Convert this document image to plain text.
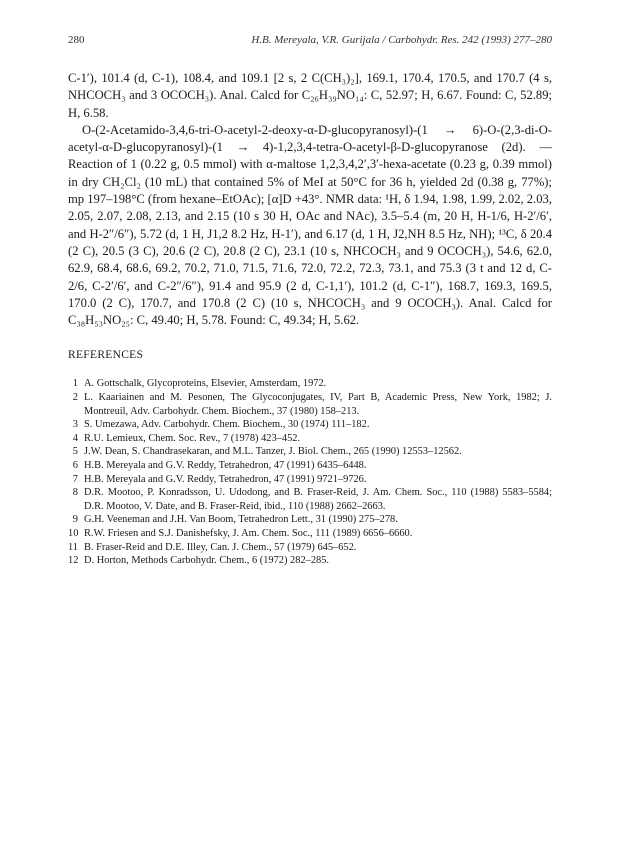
280	H.B. Mereyala, V.R. Gurijala / Carbohydr. Res. 242 (1993) 277–280

C-1′), 101.4 (d, C-1), 108.4, and 109.1 [2 s, 2 C(CH₃)₂], 169.1, 170.4, 170.5, and 170.7 (4 s, NHCOCH₃ and 3 OCOCH₃). Anal. Calcd for C₂₆H₃₉NO₁₄: C, 52.97; H, 6.67. Found: C, 52.89; H, 6.58.

O-(2-Acetamido-3,4,6-tri-O-acetyl-2-deoxy-α-D-glucopyranosyl)-(1 → 6)-O-(2,3-di-O-acetyl-α-D-glucopyranosyl)-(1 → 4)-1,2,3,4-tetra-O-acetyl-β-D-glucopyranose (2d). —Reaction of 1 (0.22 g, 0.5 mmol) with α-maltose 1,2,3,4,2′,3′-hexa-acetate (0.23 g, 0.39 mmol) in dry CH₂Cl₂ (10 mL) that contained 5% of MeI at 50°C for 36 h, yielded 2d (0.38 g, 77%); mp 197–198°C (from hexane–EtOAc); [α]D +43°. NMR data: ¹H, δ 1.94, 1.98, 1.99, 2.02, 2.03, 2.05, 2.07, 2.08, 2.13, and 2.15 (10 s 30 H, OAc and NAc), 3.5–5.4 (m, 20 H, H-1/6, H-2′/6′, and H-2″/6″), 5.72 (d, 1 H, J1,2 8.2 Hz, H-1′), and 6.17 (d, 1 H, J2,NH 8.5 Hz, NH); ¹³C, δ 20.4 (2 C), 20.5 (3 C), 20.6 (2 C), 20.8 (2 C), 23.1 (10 s, NHCOCH₃ and 9 OCOCH₃), 54.6, 62.0, 62.9, 68.4, 68.6, 69.2, 70.2, 71.0, 71.5, 71.6, 72.0, 72.2, 72.3, 73.1, and 75.3 (3 t and 12 d, C-2/6, C-2′/6′, and C-2″/6″), 91.4 and 95.9 (2 d, C-1,1′), 101.2 (d, C-1″), 168.7, 169.3, 169.5, 170.0 (2 C), 170.7, and 170.8 (2 C) (10 s, NHCOCH₃ and 9 OCOCH₃). Anal. Calcd for C₃₈H₅₃NO₂₅: C, 49.40; H, 5.78. Found: C, 49.34; H, 5.62.

REFERENCES
1 A. Gottschalk, Glycoproteins, Elsevier, Amsterdam, 1972.
2 L. Kaariainen and M. Pesonen, The Glycoconjugates, IV, Part B, Academic Press, New York, 1982; J. Montreuil, Adv. Carbohydr. Chem. Biochem., 37 (1980) 158–213.
3 S. Umezawa, Adv. Carbohydr. Chem. Biochem., 30 (1974) 111–182.
4 R.U. Lemieux, Chem. Soc. Rev., 7 (1978) 423–452.
5 J.W. Dean, S. Chandrasekaran, and M.L. Tanzer, J. Biol. Chem., 265 (1990) 12553–12562.
6 H.B. Mereyala and G.V. Reddy, Tetrahedron, 47 (1991) 6435–6448.
7 H.B. Mereyala and G.V. Reddy, Tetrahedron, 47 (1991) 9721–9726.
8 D.R. Mootoo, P. Konradsson, U. Udodong, and B. Fraser-Reid, J. Am. Chem. Soc., 110 (1988) 5583–5584; D.R. Mootoo, V. Date, and B. Fraser-Reid, ibid., 110 (1988) 2662–2663.
9 G.H. Veeneman and J.H. Van Boom, Tetrahedron Lett., 31 (1990) 275–278.
10 R.W. Friesen and S.J. Danishefsky, J. Am. Chem. Soc., 111 (1989) 6656–6660.
11 B. Fraser-Reid and D.E. Illey, Can. J. Chem., 57 (1979) 645–652.
12 D. Horton, Methods Carbohydr. Chem., 6 (1972) 282–285.
